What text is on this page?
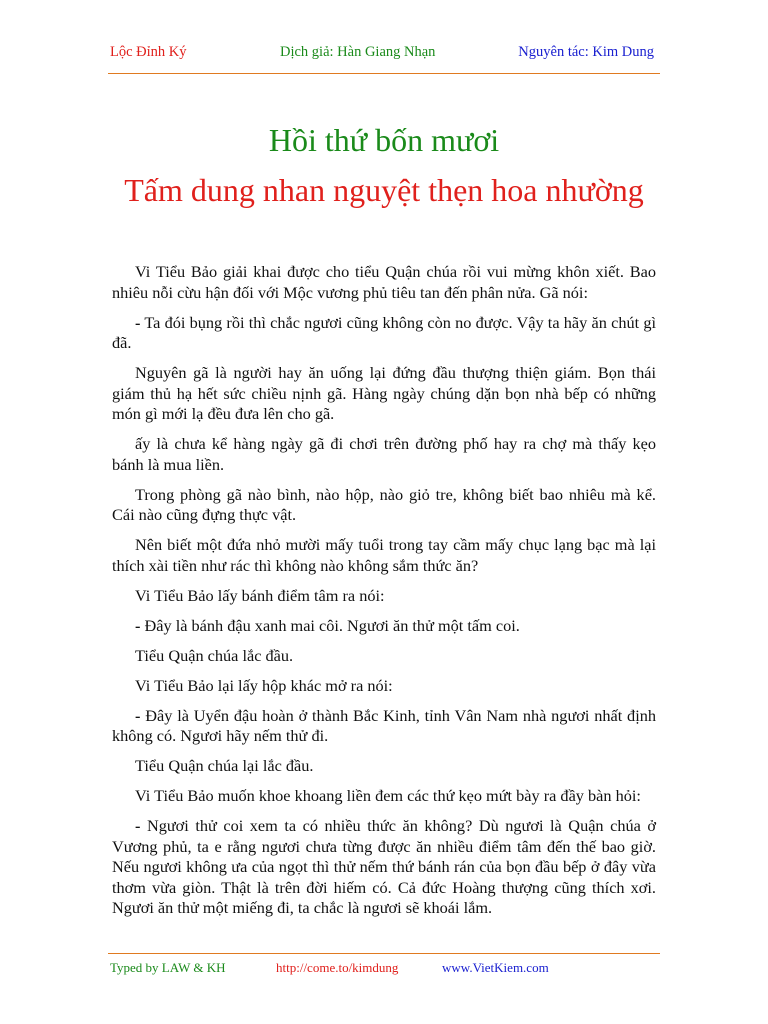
Lộc Đỉnh Ký	Dịch giả: Hàn Giang Nhạn	Nguyên tác: Kim Dung
Hồi thứ bốn mươi
Tấm dung nhan nguyệt thẹn hoa nhường

Vi Tiểu Bảo giải khai được cho tiểu Quận chúa rồi vui mừng khôn xiết. Bao nhiêu nỗi cừu hận đối với Mộc vương phủ tiêu tan đến phân nửa. Gã nói:

- Ta đói bụng rồi thì chắc ngươi cũng không còn no được. Vậy ta hãy ăn chút gì đã.

Nguyên gã là người hay ăn uống lại đứng đầu thượng thiện giám. Bọn thái giám thủ hạ hết sức chiều nịnh gã. Hàng ngày chúng dặn bọn nhà bếp có những món gì mới lạ đều đưa lên cho gã.

ấy là chưa kể hàng ngày gã đi chơi trên đường phố hay ra chợ mà thấy kẹo bánh là mua liền.

Trong phòng gã nào bình, nào hộp, nào giỏ tre, không biết bao nhiêu mà kể. Cái nào cũng đựng thực vật.

Nên biết một đứa nhỏ mười mấy tuổi trong tay cầm mấy chục lạng bạc mà lại thích xài tiền như rác thì không nào không sắm thức ăn?

Vi Tiểu Bảo lấy bánh điểm tâm ra nói:

- Đây là bánh đậu xanh mai côi. Ngươi ăn thử một tấm coi.

Tiểu Quận chúa lắc đầu.

Vi Tiểu Bảo lại lấy hộp khác mở ra nói:

- Đây là Uyển đậu hoàn ở thành Bắc Kinh, tỉnh Vân Nam nhà ngươi nhất định không có. Ngươi hãy nếm thử đi.

Tiểu Quận chúa lại lắc đầu.

Vi Tiểu Bảo muốn khoe khoang liền đem các thứ kẹo mứt bày ra đầy bàn hỏi:

- Ngươi thử coi xem ta có nhiều thức ăn không? Dù ngươi là Quận chúa ở Vương phủ, ta e rằng ngươi chưa từng được ăn nhiều điểm tâm đến thế bao giờ. Nếu ngươi không ưa của ngọt thì thử nếm thứ bánh rán của bọn đầu bếp ở đây vừa thơm vừa giòn. Thật là trên đời hiếm có. Cả đức Hoàng thượng cũng thích xơi. Ngươi ăn thử một miếng đi, ta chắc là ngươi sẽ khoái lắm.

Typed by LAW & KH	http://come.to/kimdung	www.VietKiem.com
